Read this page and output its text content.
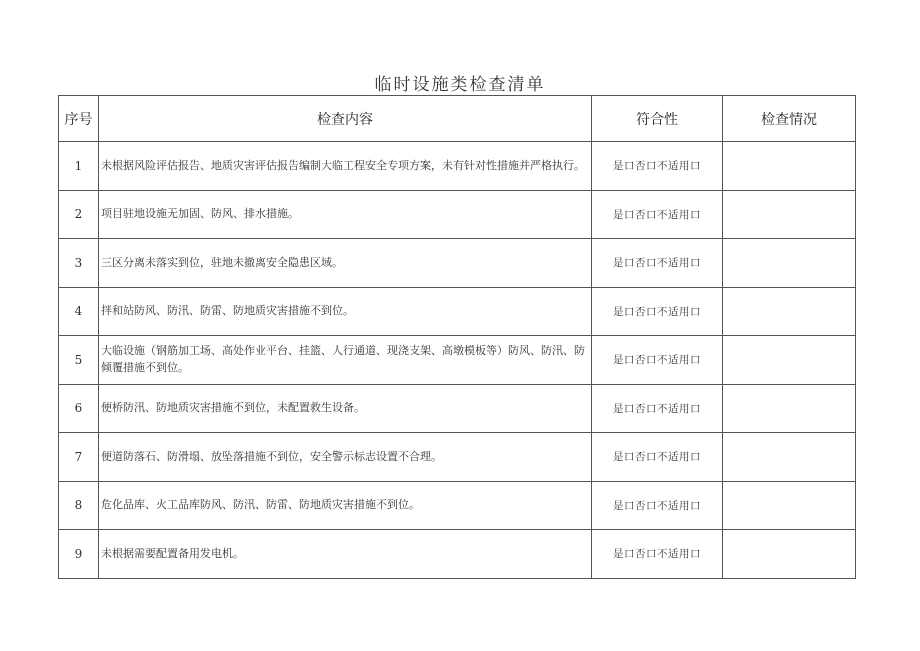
临时设施类检查清单
序号	检查内容	符合性	检查情况
1	未根据风险评估报告、地质灾害评估报告编制大临工程安全专项方案，未有针对性措施并严格执行。	是口否口不适用口	
2	项目驻地设施无加固、防风、排水措施。	是口否口不适用口	
3	三区分离未落实到位，驻地未撤离安全隐患区域。	是口否口不适用口	
4	拌和站防风、防汛、防雷、防地质灾害措施不到位。	是口否口不适用口	
5	大临设施（钢筋加工场、高处作业平台、挂篮、人行通道、现浇支架、高墩模板等）防风、防汛、防倾覆措施不到位。	是口否口不适用口	
6	便桥防汛、防地质灾害措施不到位，未配置救生设备。	是口否口不适用口	
7	便道防落石、防滑塌、放坠落措施不到位，安全警示标志设置不合理。	是口否口不适用口	
8	危化品库、火工品库防风、防汛、防雷、防地质灾害措施不到位。	是口否口不适用口	
9	未根据需要配置备用发电机。	是口否口不适用口	
